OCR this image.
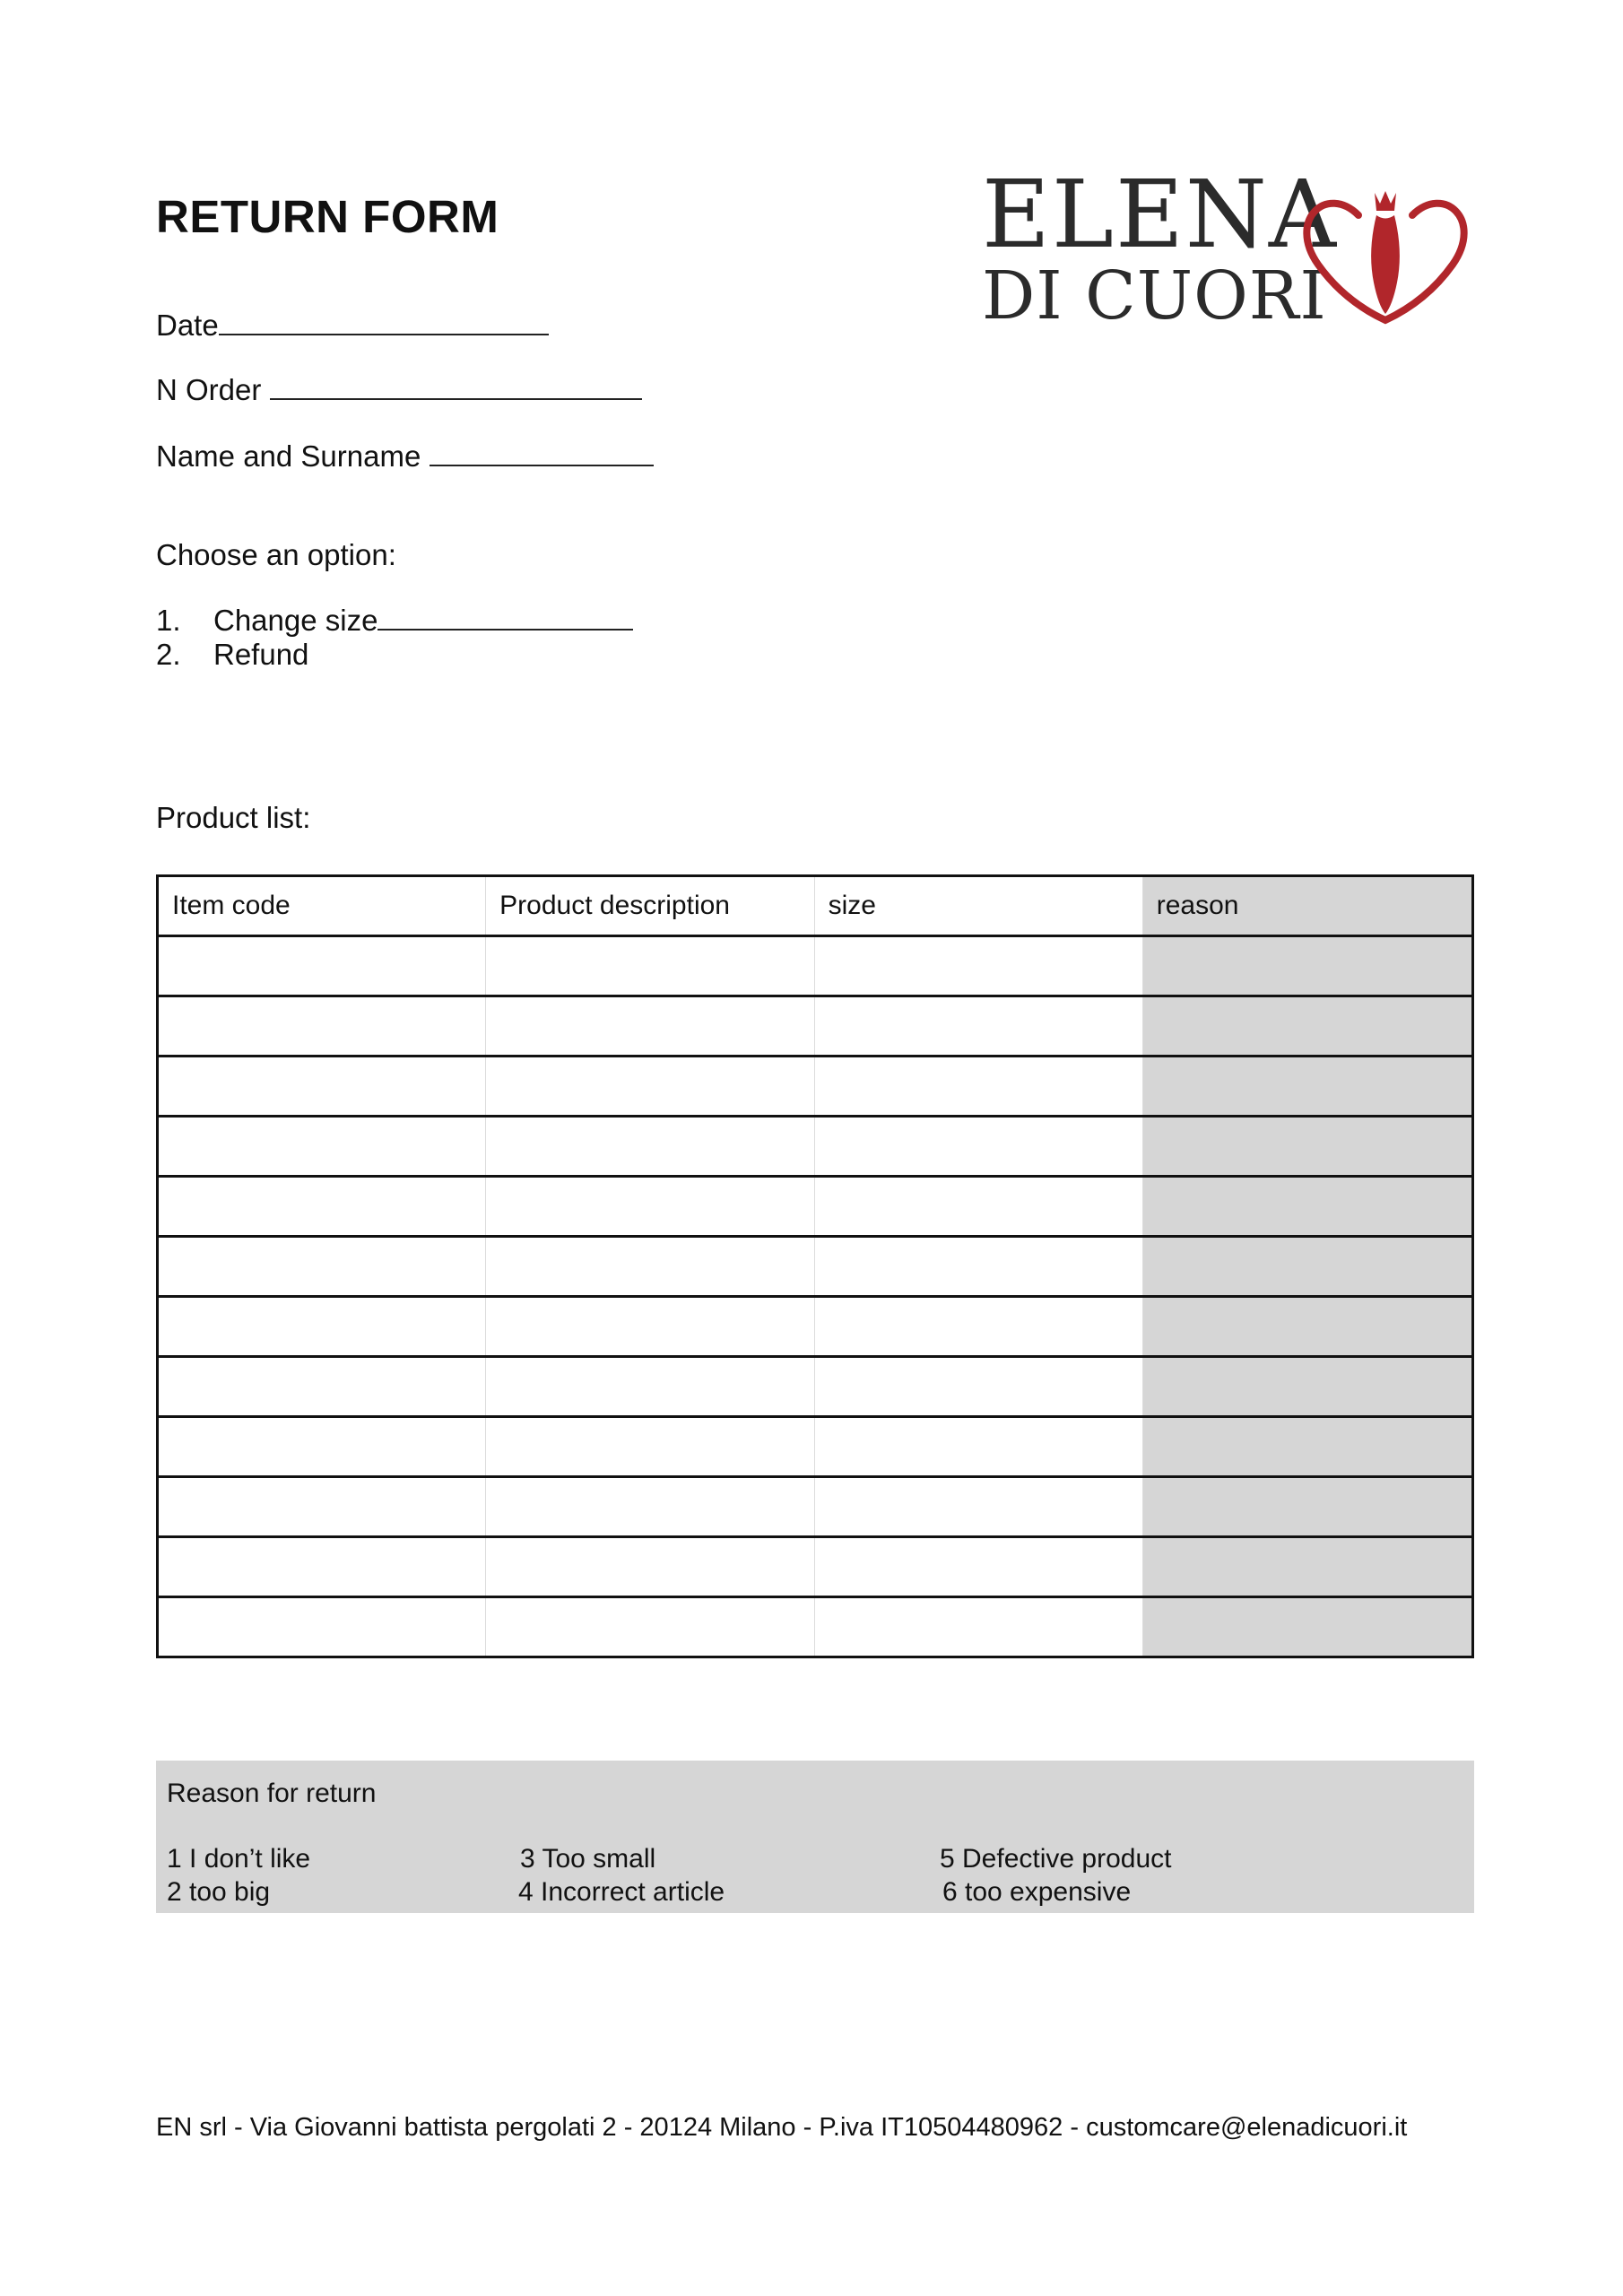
RETURN FORM	ELENA
DI CUORI
Date
N Order
Name and Surname
Choose an option:
1. Change size
2. Refund
Product list:
Item code	Product description	size	reason

Reason for return
1 I don’t like
2 too big
3 Too small
4 Incorrect article
5 Defective product
6 too expensive
EN srl - Via Giovanni battista pergolati 2 - 20124 Milano - P.iva IT10504480962 - customcare@elenadicuori.it
